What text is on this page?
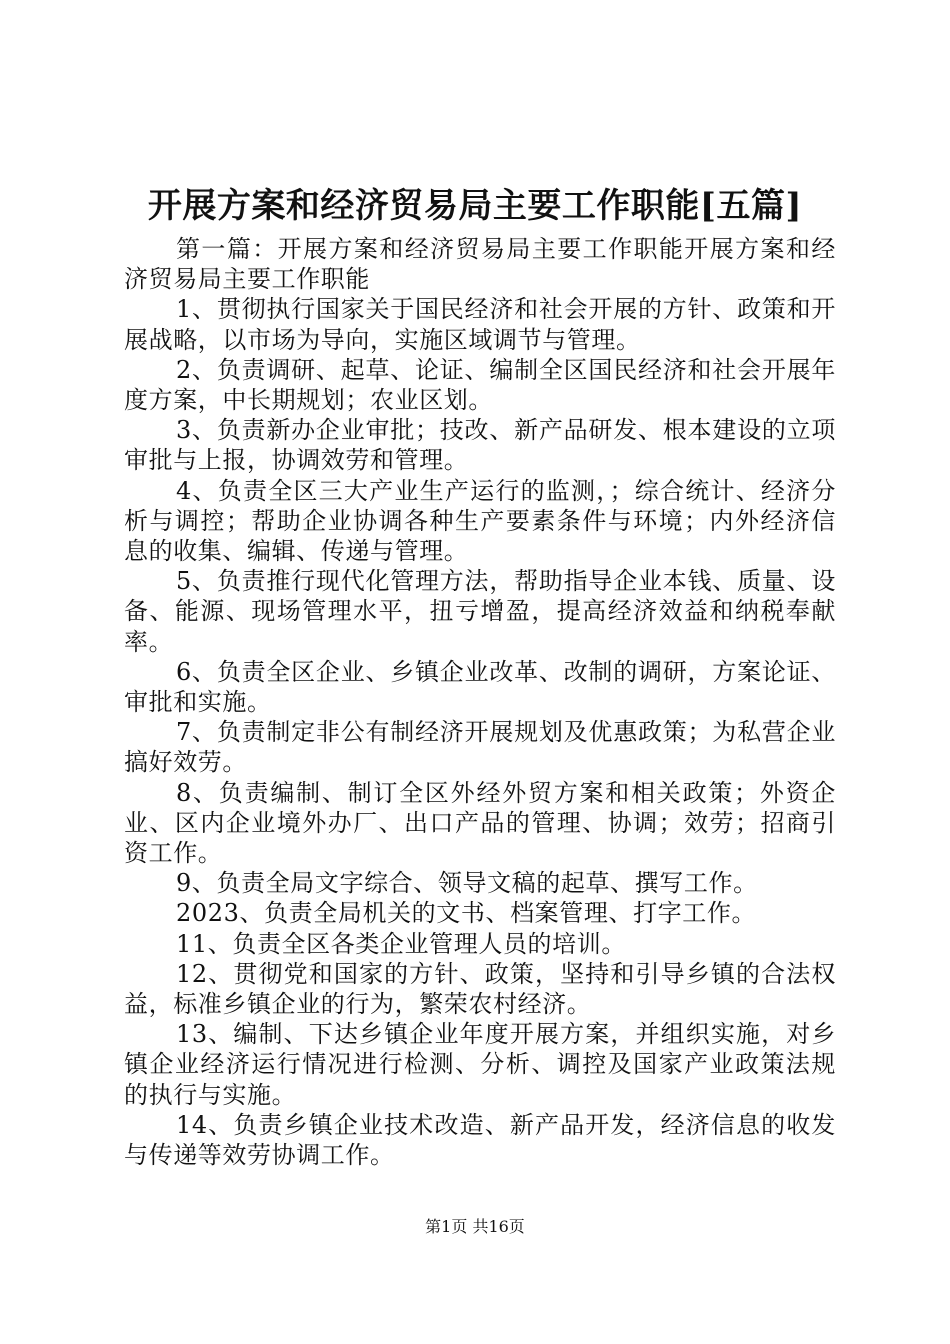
开展方案和经济贸易局主要工作职能[五篇]

第一篇：开展方案和经济贸易局主要工作职能开展方案和经济贸易局主要工作职能

1、贯彻执行国家关于国民经济和社会开展的方针、政策和开展战略，以市场为导向，实施区域调节与管理。

2、负责调研、起草、论证、编制全区国民经济和社会开展年度方案，中长期规划；农业区划。

3、负责新办企业审批；技改、新产品研发、根本建设的立项审批与上报，协调效劳和管理。

4、负责全区三大产业生产运行的监测，；综合统计、经济分析与调控；帮助企业协调各种生产要素条件与环境；内外经济信息的收集、编辑、传递与管理。

5、负责推行现代化管理方法，帮助指导企业本钱、质量、设备、能源、现场管理水平，扭亏增盈，提高经济效益和纳税奉献率。

6、负责全区企业、乡镇企业改革、改制的调研，方案论证、审批和实施。

7、负责制定非公有制经济开展规划及优惠政策；为私营企业搞好效劳。

8、负责编制、制订全区外经外贸方案和相关政策；外资企业、区内企业境外办厂、出口产品的管理、协调；效劳；招商引资工作。

9、负责全局文字综合、领导文稿的起草、撰写工作。

2023、负责全局机关的文书、档案管理、打字工作。

11、负责全区各类企业管理人员的培训。

12、贯彻党和国家的方针、政策，坚持和引导乡镇的合法权益，标准乡镇企业的行为，繁荣农村经济。

13、编制、下达乡镇企业年度开展方案，并组织实施，对乡镇企业经济运行情况进行检测、分析、调控及国家产业政策法规的执行与实施。

14、负责乡镇企业技术改造、新产品开发，经济信息的收发与传递等效劳协调工作。

第1页 共16页
